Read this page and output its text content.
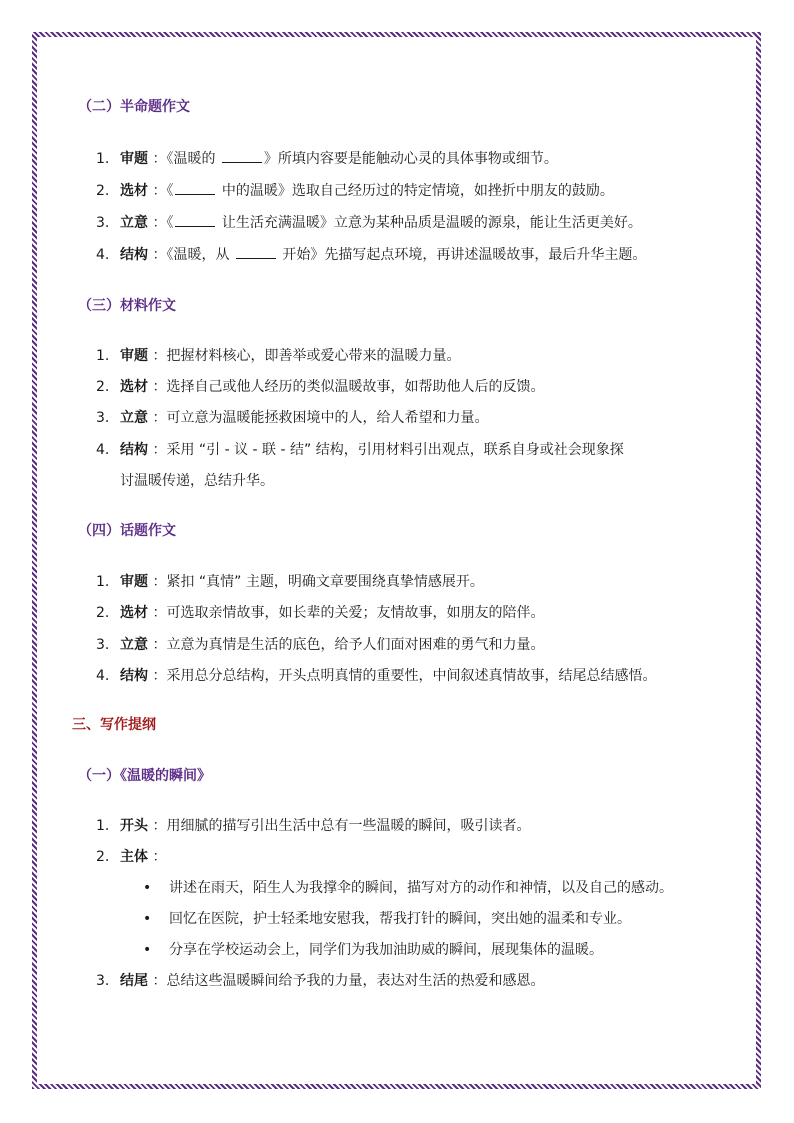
（二）半命题作文
1. 审题 ：《温暖的	》所填内容要是能触动心灵的具体事物或细节。
2. 选材 ：《	中的温暖》选取自己经历过的特定情境，如挫折中朋友的鼓励。
3. 立意 ：《	让生活充满温暖》立意为某种品质是温暖的源泉，能让生活更美好。
4. 结构 ：《温暖，从	开始》先描写起点环境，再讲述温暖故事，最后升华主题。
（三）材料作文
1. 审题 ：把握材料核心，即善举或爱心带来的温暖力量。
2. 选材 ：选择自己或他人经历的类似温暖故事，如帮助他人后的反馈。
3. 立意 ：可立意为温暖能拯救困境中的人，给人希望和力量。
4. 结构 ：采用 “引 - 议 - 联 - 结” 结构，引用材料引出观点，联系自身或社会现象探
讨温暖传递，总结升华。
（四）话题作文
1. 审题 ：紧扣 “真情” 主题，明确文章要围绕真挚情感展开。
2. 选材 ：可选取亲情故事，如长辈的关爱；友情故事，如朋友的陪伴。
3. 立意 ：立意为真情是生活的底色，给予人们面对困难的勇气和力量。
4. 结构 ：采用总分总结构，开头点明真情的重要性，中间叙述真情故事，结尾总结感悟。
三、写作提纲
（一）《温暖的瞬间》
1. 开头 ：用细腻的描写引出生活中总有一些温暖的瞬间，吸引读者。
2. 主体 ：
• 讲述在雨天，陌生人为我撑伞的瞬间，描写对方的动作和神情，以及自己的感动。
• 回忆在医院，护士轻柔地安慰我，帮我打针的瞬间，突出她的温柔和专业。
• 分享在学校运动会上，同学们为我加油助威的瞬间，展现集体的温暖。
3. 结尾 ：总结这些温暖瞬间给予我的力量，表达对生活的热爱和感恩。
